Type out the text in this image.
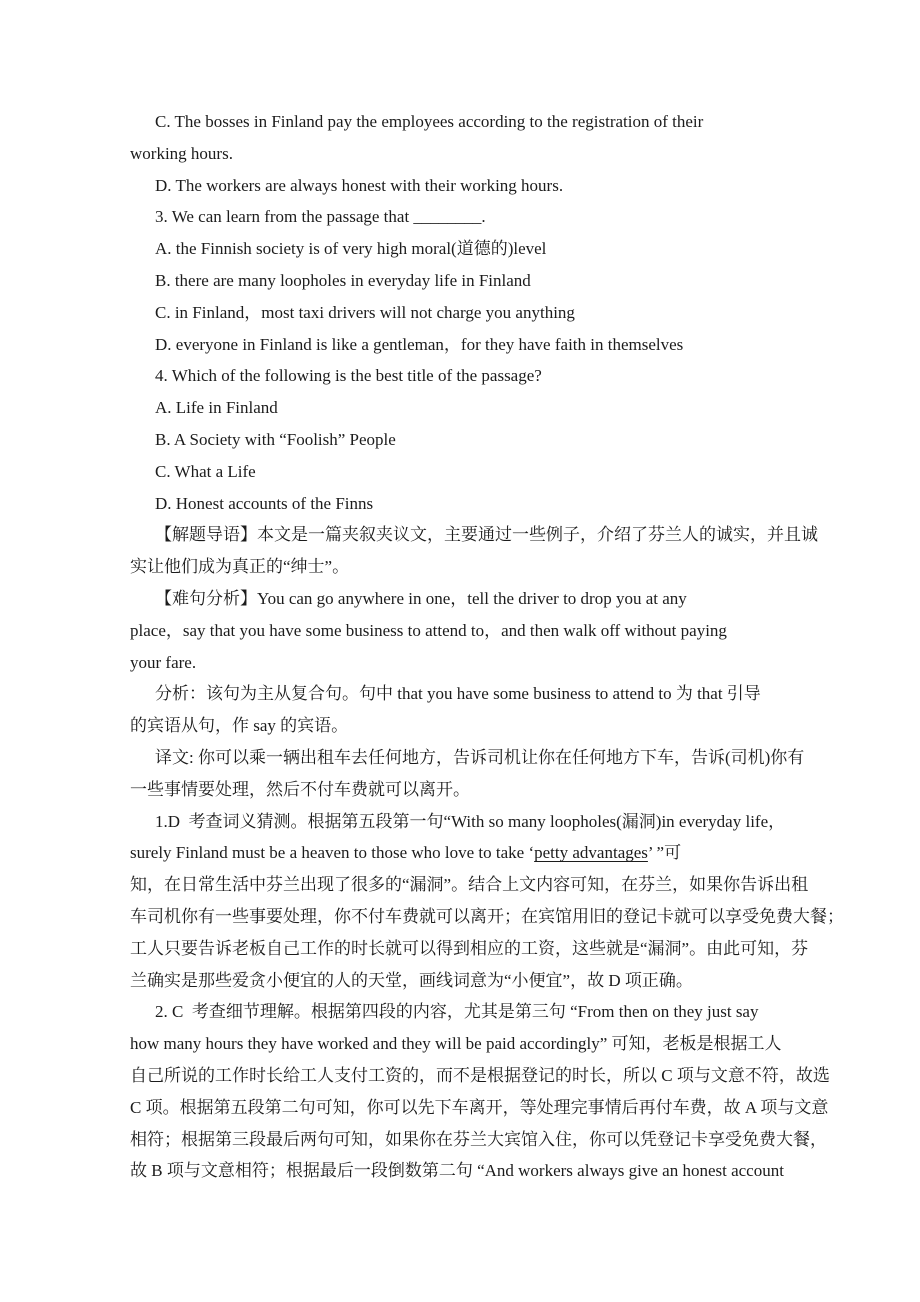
C. The bosses in Finland pay the employees according to the registration of their
working hours.
D. The workers are always honest with their working hours.
3. We can learn from the passage that ________.
A. the Finnish society is of very high moral(道德的)level
B. there are many loopholes in everyday life in Finland
C. in Finland，most taxi drivers will not charge you anything
D. everyone in Finland is like a gentleman，for they have faith in themselves
4. Which of the following is the best title of the passage?
A. Life in Finland
B. A Society with “Foolish” People
C. What a Life
D. Honest accounts of the Finns
【解题导语】本文是一篇夹叙夹议文，主要通过一些例子，介绍了芬兰人的诚实，并且诚
实让他们成为真正的“绅士”。
【难句分析】You can go anywhere in one，tell the driver to drop you at any
place，say that you have some business to attend to，and then walk off without paying
your fare.
分析：该句为主从复合句。句中 that you have some business to attend to 为 that 引导
的宾语从句，作 say 的宾语。
译文: 你可以乘一辆出租车去任何地方，告诉司机让你在任何地方下车，告诉(司机)你有
一些事情要处理，然后不付车费就可以离开。
1.D  考查词义猜测。根据第五段第一句“With so many loopholes(漏洞)in everyday life，
surely Finland must be a heaven to those who love to take ‘petty advantages’ ”可
知，在日常生活中芬兰出现了很多的“漏洞”。结合上文内容可知，在芬兰，如果你告诉出租
车司机你有一些事要处理，你不付车费就可以离开；在宾馆用旧的登记卡就可以享受免费大餐；
工人只要告诉老板自己工作的时长就可以得到相应的工资，这些就是“漏洞”。由此可知，芬
兰确实是那些爱贪小便宜的人的天堂，画线词意为“小便宜”，故 D 项正确。
2. C  考查细节理解。根据第四段的内容，尤其是第三句 “From then on they just say
how many hours they have worked and they will be paid accordingly” 可知，老板是根据工人
自己所说的工作时长给工人支付工资的，而不是根据登记的时长，所以 C 项与文意不符，故选
C 项。根据第五段第二句可知，你可以先下车离开，等处理完事情后再付车费，故 A 项与文意
相符；根据第三段最后两句可知，如果你在芬兰大宾馆入住，你可以凭登记卡享受免费大餐，
故 B 项与文意相符；根据最后一段倒数第二句 “And workers always give an honest account
